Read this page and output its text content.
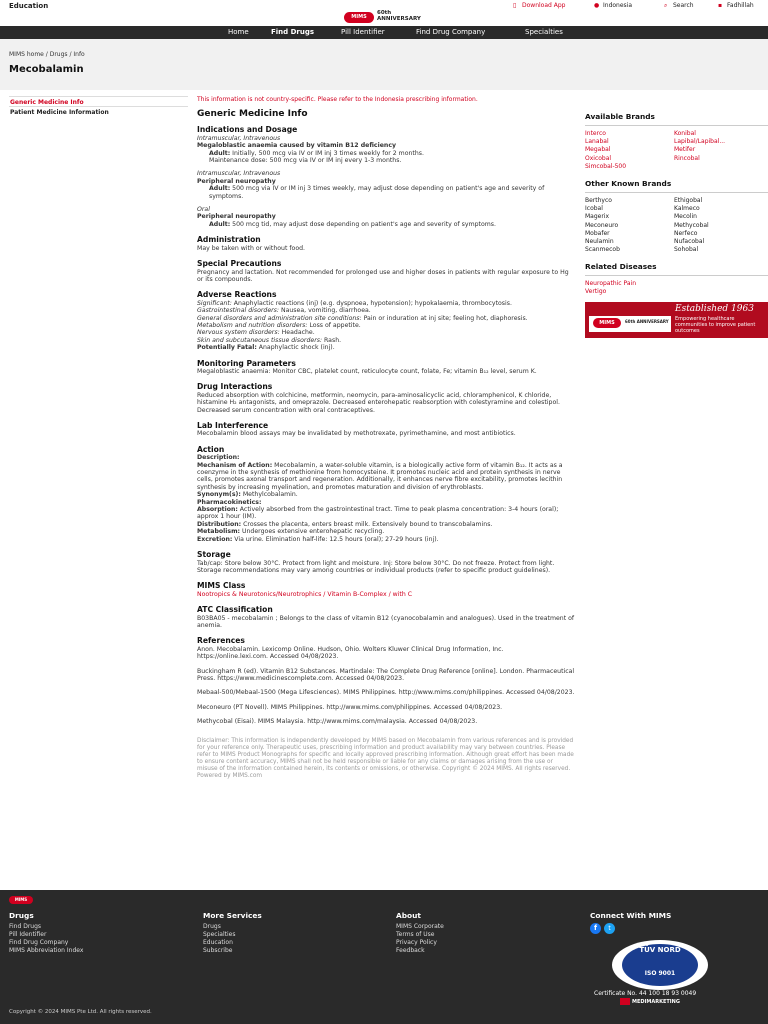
Education
MIMS
60th ANNIVERSARY
▯ Download App	● Indonesia	⌕ Search	▪ Fadhillah
Home	Find Drugs	Pill Identifier	Find Drug Company	Specialties
MIMS home / Drugs / Info
Mecobalamin
Generic Medicine Info
Patient Medicine Information
This information is not country-specific. Please refer to the Indonesia prescribing information.
Generic Medicine Info
Indications and Dosage
Intramuscular, Intravenous
Megaloblastic anaemia caused by vitamin B12 deficiency
Adult: Initially, 500 mcg via IV or IM inj 3 times weekly for 2 months.
Maintenance dose: 500 mcg via IV or IM inj every 1-3 months.
Intramuscular, Intravenous
Peripheral neuropathy
Adult: 500 mcg via IV or IM inj 3 times weekly, may adjust dose depending on patient's age and severity of symptoms.
Oral
Peripheral neuropathy
Adult: 500 mcg tid, may adjust dose depending on patient's age and severity of symptoms.
Administration
May be taken with or without food.
Special Precautions
Pregnancy and lactation. Not recommended for prolonged use and higher doses in patients with regular exposure to Hg or its compounds.
Adverse Reactions
Significant: Anaphylactic reactions (inj) (e.g. dyspnoea, hypotension); hypokalaemia, thrombocytosis.
Gastrointestinal disorders: Nausea, vomiting, diarrhoea.
General disorders and administration site conditions: Pain or induration at inj site; feeling hot, diaphoresis.
Metabolism and nutrition disorders: Loss of appetite.
Nervous system disorders: Headache.
Skin and subcutaneous tissue disorders: Rash.
Potentially Fatal: Anaphylactic shock (inj).
Monitoring Parameters
Megaloblastic anaemia: Monitor CBC, platelet count, reticulocyte count, folate, Fe; vitamin B₁₂ level, serum K.
Drug Interactions
Reduced absorption with colchicine, metformin, neomycin, para-aminosalicyclic acid, chloramphenicol, K chloride, histamine H₂ antagonists, and omeprazole. Decreased enterohepatic reabsorption with colestyramine and colestipol. Decreased serum concentration with oral contraceptives.
Lab Interference
Mecobalamin blood assays may be invalidated by methotrexate, pyrimethamine, and most antibiotics.
Action
Description:
Mechanism of Action: Mecobalamin, a water-soluble vitamin, is a biologically active form of vitamin B₁₂. It acts as a coenzyme in the synthesis of methionine from homocysteine. It promotes nucleic acid and protein synthesis in nerve cells, promotes axonal transport and regeneration. Additionally, it enhances nerve fibre excitability, promotes lecithin synthesis by increasing myelination, and promotes maturation and division of erythroblasts.
Synonym(s): Methylcobalamin.
Pharmacokinetics:
Absorption: Actively absorbed from the gastrointestinal tract. Time to peak plasma concentration: 3-4 hours (oral); approx 1 hour (IM).
Distribution: Crosses the placenta, enters breast milk. Extensively bound to transcobalamins.
Metabolism: Undergoes extensive enterohepatic recycling.
Excretion: Via urine. Elimination half-life: 12.5 hours (oral); 27-29 hours (inj).
Storage
Tab/cap: Store below 30°C. Protect from light and moisture. Inj: Store below 30°C. Do not freeze. Protect from light. Storage recommendations may vary among countries or individual products (refer to specific product guidelines).
MIMS Class
Nootropics & Neurotonics/Neurotrophics / Vitamin B-Complex / with C
ATC Classification
B03BA05 - mecobalamin ; Belongs to the class of vitamin B12 (cyanocobalamin and analogues). Used in the treatment of anemia.
References
Anon. Mecobalamin. Lexicomp Online. Hudson, Ohio. Wolters Kluwer Clinical Drug Information, Inc. https://online.lexi.com. Accessed 04/08/2023.
Buckingham R (ed). Vitamin B12 Substances. Martindale: The Complete Drug Reference [online]. London. Pharmaceutical Press. https://www.medicinescomplete.com. Accessed 04/08/2023.
Mebaal-500/Mebaal-1500 (Mega Lifesciences). MIMS Philippines. http://www.mims.com/philippines. Accessed 04/08/2023.
Meconeuro (PT Novell). MIMS Philippines. http://www.mims.com/philippines. Accessed 04/08/2023.
Methycobal (Eisai). MIMS Malaysia. http://www.mims.com/malaysia. Accessed 04/08/2023.
Disclaimer: This information is independently developed by MIMS based on Mecobalamin from various references and is provided for your reference only. Therapeutic uses, prescribing information and product availability may vary between countries. Please refer to MIMS Product Monographs for specific and locally approved prescribing information. Although great effort has been made to ensure content accuracy, MIMS shall not be held responsible or liable for any claims or damages arising from the use or misuse of the information contained herein, its contents or omissions, or otherwise. Copyright © 2024 MIMS. All rights reserved. Powered by MIMS.com
Available Brands
Interco	Konibal
Lanabal	Lapibal/Lapibal...
Megabal	Metifer
Oxicobal	Rincobal
Simcobal-500
Other Known Brands
Berthyco	Ethigobal
Icobal	Kalmeco
Magerix	Mecolin
Meconeuro	Methycobal
Mobafer	Nerfeco
Neulamin	Nufacobal
Scanmecob	Sohobal
Related Diseases
Neuropathic Pain
Vertigo
MIMS	60th ANNIVERSARY
Established 1963
Empowering healthcare communities to improve patient outcomes
MIMS
Drugs
Find Drugs
Pill Identifier
Find Drug Company
MIMS Abbreviation Index
More Services
Drugs
Specialties
Education
Subscribe
About
MIMS Corporate
Terms of Use
Privacy Policy
Feedback
Connect With MIMS
f	t
TÜV NORD
ISO 9001
Certificate No. 44 100 18 93 0049
MEDIMARKETING
Copyright © 2024 MIMS Pte Ltd. All rights reserved.
